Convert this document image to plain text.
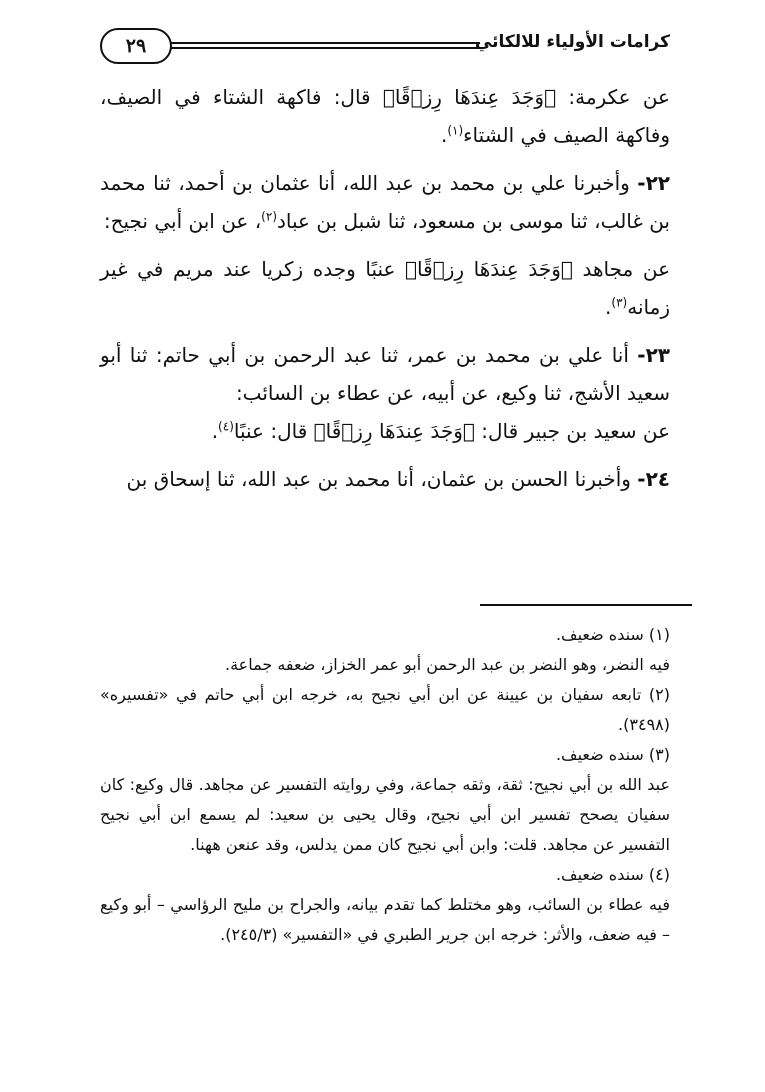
كرامات الأولياء للالكائي
٢٩

عن عكرمة: ﴿وَجَدَ عِندَهَا رِزۡقًا﴾ قال: فاكهة الشتاء في الصيف، وفاكهة الصيف في الشتاء$^{(١)}$.

٢٢- وأخبرنا علي بن محمد بن عبد الله، أنا عثمان بن أحمد، ثنا محمد بن غالب، ثنا موسى بن مسعود، ثنا شبل بن عباد$^{(٢)}$، عن ابن أبي نجيح:

عن مجاهد ﴿وَجَدَ عِندَهَا رِزۡقًا﴾ عنبًا وجده زكريا عند مريم في غير زمانه$^{(٣)}$.

٢٣- أنا علي بن محمد بن عمر، ثنا عبد الرحمن بن أبي حاتم: ثنا أبو سعيد الأشج، ثنا وكيع، عن أبيه، عن عطاء بن السائب:

عن سعيد بن جبير قال: ﴿وَجَدَ عِندَهَا رِزۡقًا﴾ قال: عنبًا$^{(٤)}$.

٢٤- وأخبرنا الحسن بن عثمان، أنا محمد بن عبد الله، ثنا إسحاق بن

(١) سنده ضعيف.

فيه النضر، وهو النضر بن عبد الرحمن أبو عمر الخزاز، ضعفه جماعة.

(٢) تابعه سفيان بن عيينة عن ابن أبي نجيح به، خرجه ابن أبي حاتم في «تفسيره» (٣٤٩٨).

(٣) سنده ضعيف.

عبد الله بن أبي نجيح: ثقة، وثقه جماعة، وفي روايته التفسير عن مجاهد. قال وكيع: كان سفيان يصحح تفسير ابن أبي نجيح، وقال يحيى بن سعيد: لم يسمع ابن أبي نجيح التفسير عن مجاهد. قلت: وابن أبي نجيح كان ممن يدلس، وقد عنعن ههنا.

(٤) سنده ضعيف.

فيه عطاء بن السائب، وهو مختلط كما تقدم بيانه، والجراح بن مليح الرؤاسي – أبو وكيع – فيه ضعف، والأثر: خرجه ابن جرير الطبري في «التفسير» (٢٤٥/٣).
